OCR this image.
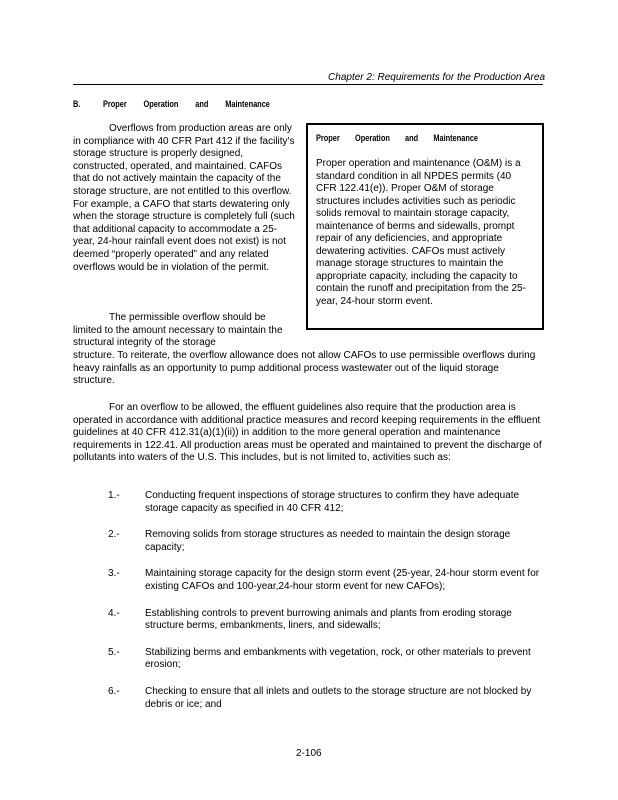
Chapter 2: Requirements for the Production Area
B.	Proper Operation and Maintenance

Overflows from production areas are only in compliance with 40 CFR Part 412 if the facility's storage structure is properly designed, constructed, operated, and maintained. CAFOs that do not actively maintain the capacity of the storage structure, are not entitled to this overflow. For example, a CAFO that starts dewatering only when the storage structure is completely full (such that additional capacity to accommodate a 25-year, 24-hour rainfall event does not exist) is not deemed “properly operated” and any related overflows would be in violation of the permit.

Proper Operation and Maintenance

Proper operation and maintenance (O&M) is a standard condition in all NPDES permits (40 CFR 122.41(e)). Proper O&M of storage structures includes activities such as periodic solids removal to maintain storage capacity, maintenance of berms and sidewalls, prompt repair of any deficiencies, and appropriate dewatering activities. CAFOs must actively manage storage structures to maintain the appropriate capacity, including the capacity to contain the runoff and precipitation from the 25-year, 24-hour storm event.

The permissible overflow should be limited to the amount necessary to maintain the structural integrity of the storage

structure. To reiterate, the overflow allowance does not allow CAFOs to use permissible overflows during heavy rainfalls as an opportunity to pump additional process wastewater out of the liquid storage structure.

For an overflow to be allowed, the effluent guidelines also require that the production area is operated in accordance with additional practice measures and record keeping requirements in the effluent guidelines at 40 CFR 412.31(a)(1)(ii)) in addition to the more general operation and maintenance requirements in 122.41. All production areas must be operated and maintained to prevent the discharge of pollutants into waters of the U.S. This includes, but is not limited to, activities such as:

1.-	Conducting frequent inspections of storage structures to confirm they have adequate storage capacity as specified in 40 CFR 412;
2.-	Removing solids from storage structures as needed to maintain the design storage capacity;
3.-	Maintaining storage capacity for the design storm event (25-year, 24-hour storm event for existing CAFOs and 100-year,24-hour storm event for new CAFOs);
4.-	Establishing controls to prevent burrowing animals and plants from eroding storage structure berms, embankments, liners, and sidewalls;
5.-	Stabilizing berms and embankments with vegetation, rock, or other materials to prevent erosion;
6.-	Checking to ensure that all inlets and outlets to the storage structure are not blocked by debris or ice; and
2-106
